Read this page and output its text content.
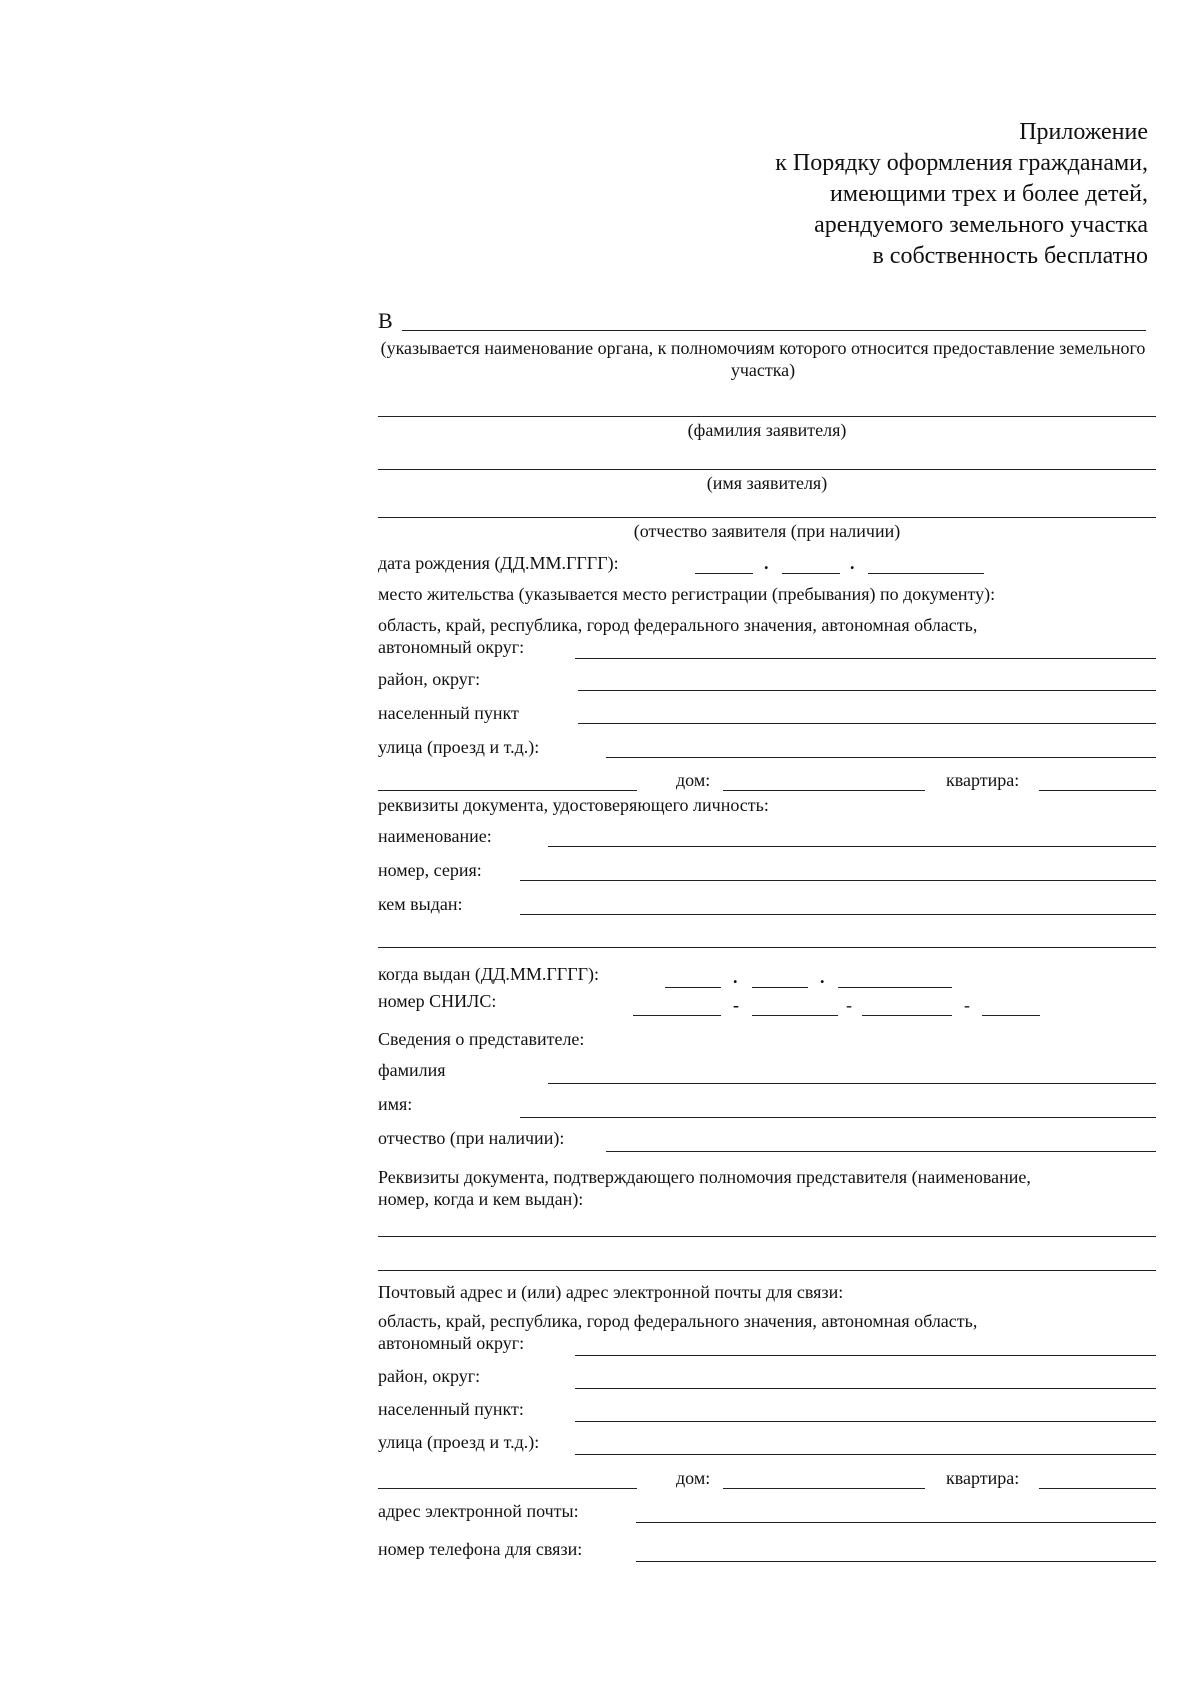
Приложение
к Порядку оформления гражданами,
имеющими трех и более детей,
арендуемого земельного участка
в собственность бесплатно
В
(указывается наименование органа, к полномочиям которого относится предоставление земельного участка)
(фамилия заявителя)
(имя заявителя)
(отчество заявителя (при наличии)
дата рождения (ДД.ММ.ГГГГ):	.	.
место жительства (указывается место регистрации (пребывания) по документу):
область, край, республика, город федерального значения, автономная область,
автономный округ:
район, округ:
населенный пункт
улица (проезд и т.д.):
дом:	квартира:
реквизиты документа, удостоверяющего личность:
наименование:
номер, серия:
кем выдан:
когда выдан (ДД.ММ.ГГГГ):	.	.
номер СНИЛС:	-	-	-
Сведения о представителе:
фамилия
имя:
отчество (при наличии):
Реквизиты документа, подтверждающего полномочия представителя (наименование,
номер, когда и кем выдан):
Почтовый адрес и (или) адрес электронной почты для связи:
область, край, республика, город федерального значения, автономная область,
автономный округ:
район, округ:
населенный пункт:
улица (проезд и т.д.):
дом:	квартира:
адрес электронной почты:
номер телефона для связи:
